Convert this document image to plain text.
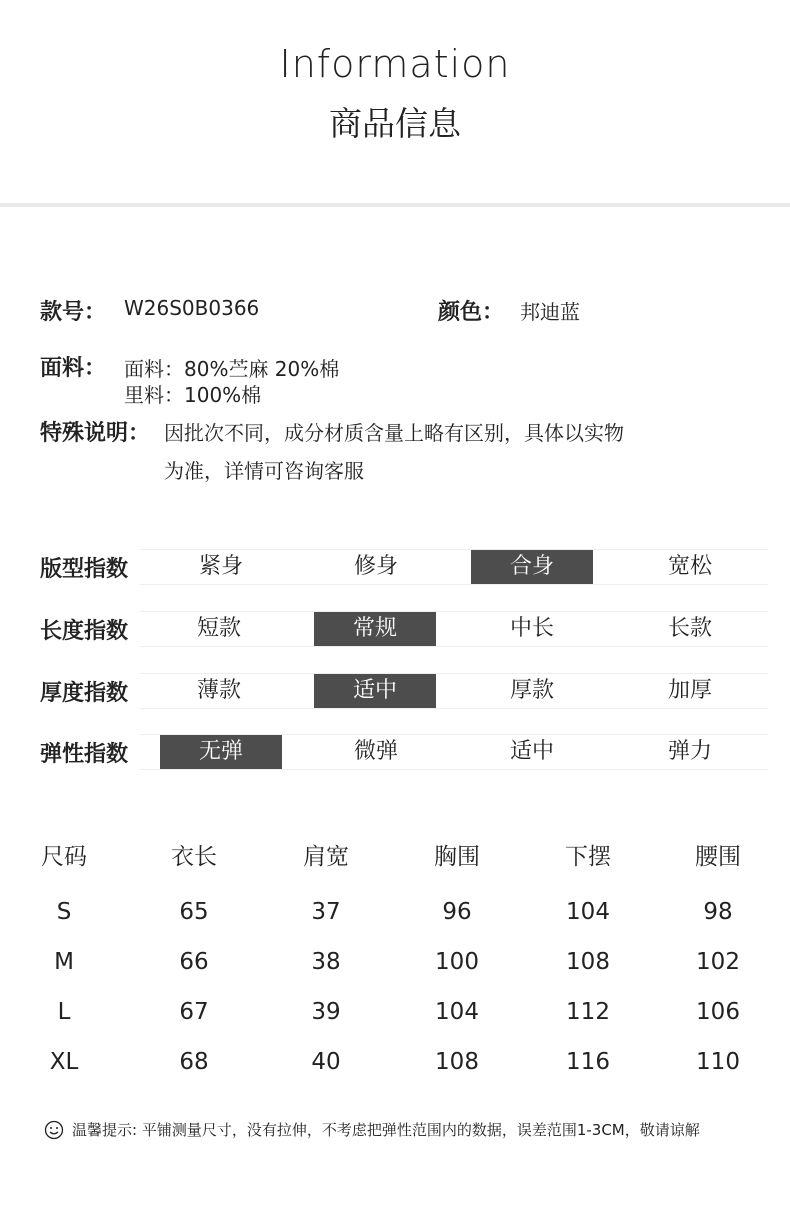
Information
商品信息
款号： W26S0B0366	颜色： 邦迪蓝
面料： 面料：80%苎麻 20%棉
里料：100%棉
特殊说明： 因批次不同，成分材质含量上略有区别，具体以实物
为准，详情可咨询客服
版型指数	紧身	修身	合身	宽松
长度指数	短款	常规	中长	长款
厚度指数	薄款	适中	厚款	加厚
弹性指数	无弹	微弹	适中	弹力
尺码	衣长	肩宽	胸围	下摆	腰围
S	65	37	96	104	98
M	66	38	100	108	102
L	67	39	104	112	106
XL	68	40	108	116	110
温馨提示: 平铺测量尺寸，没有拉伸，不考虑把弹性范围内的数据，误差范围1-3CM，敬请谅解
